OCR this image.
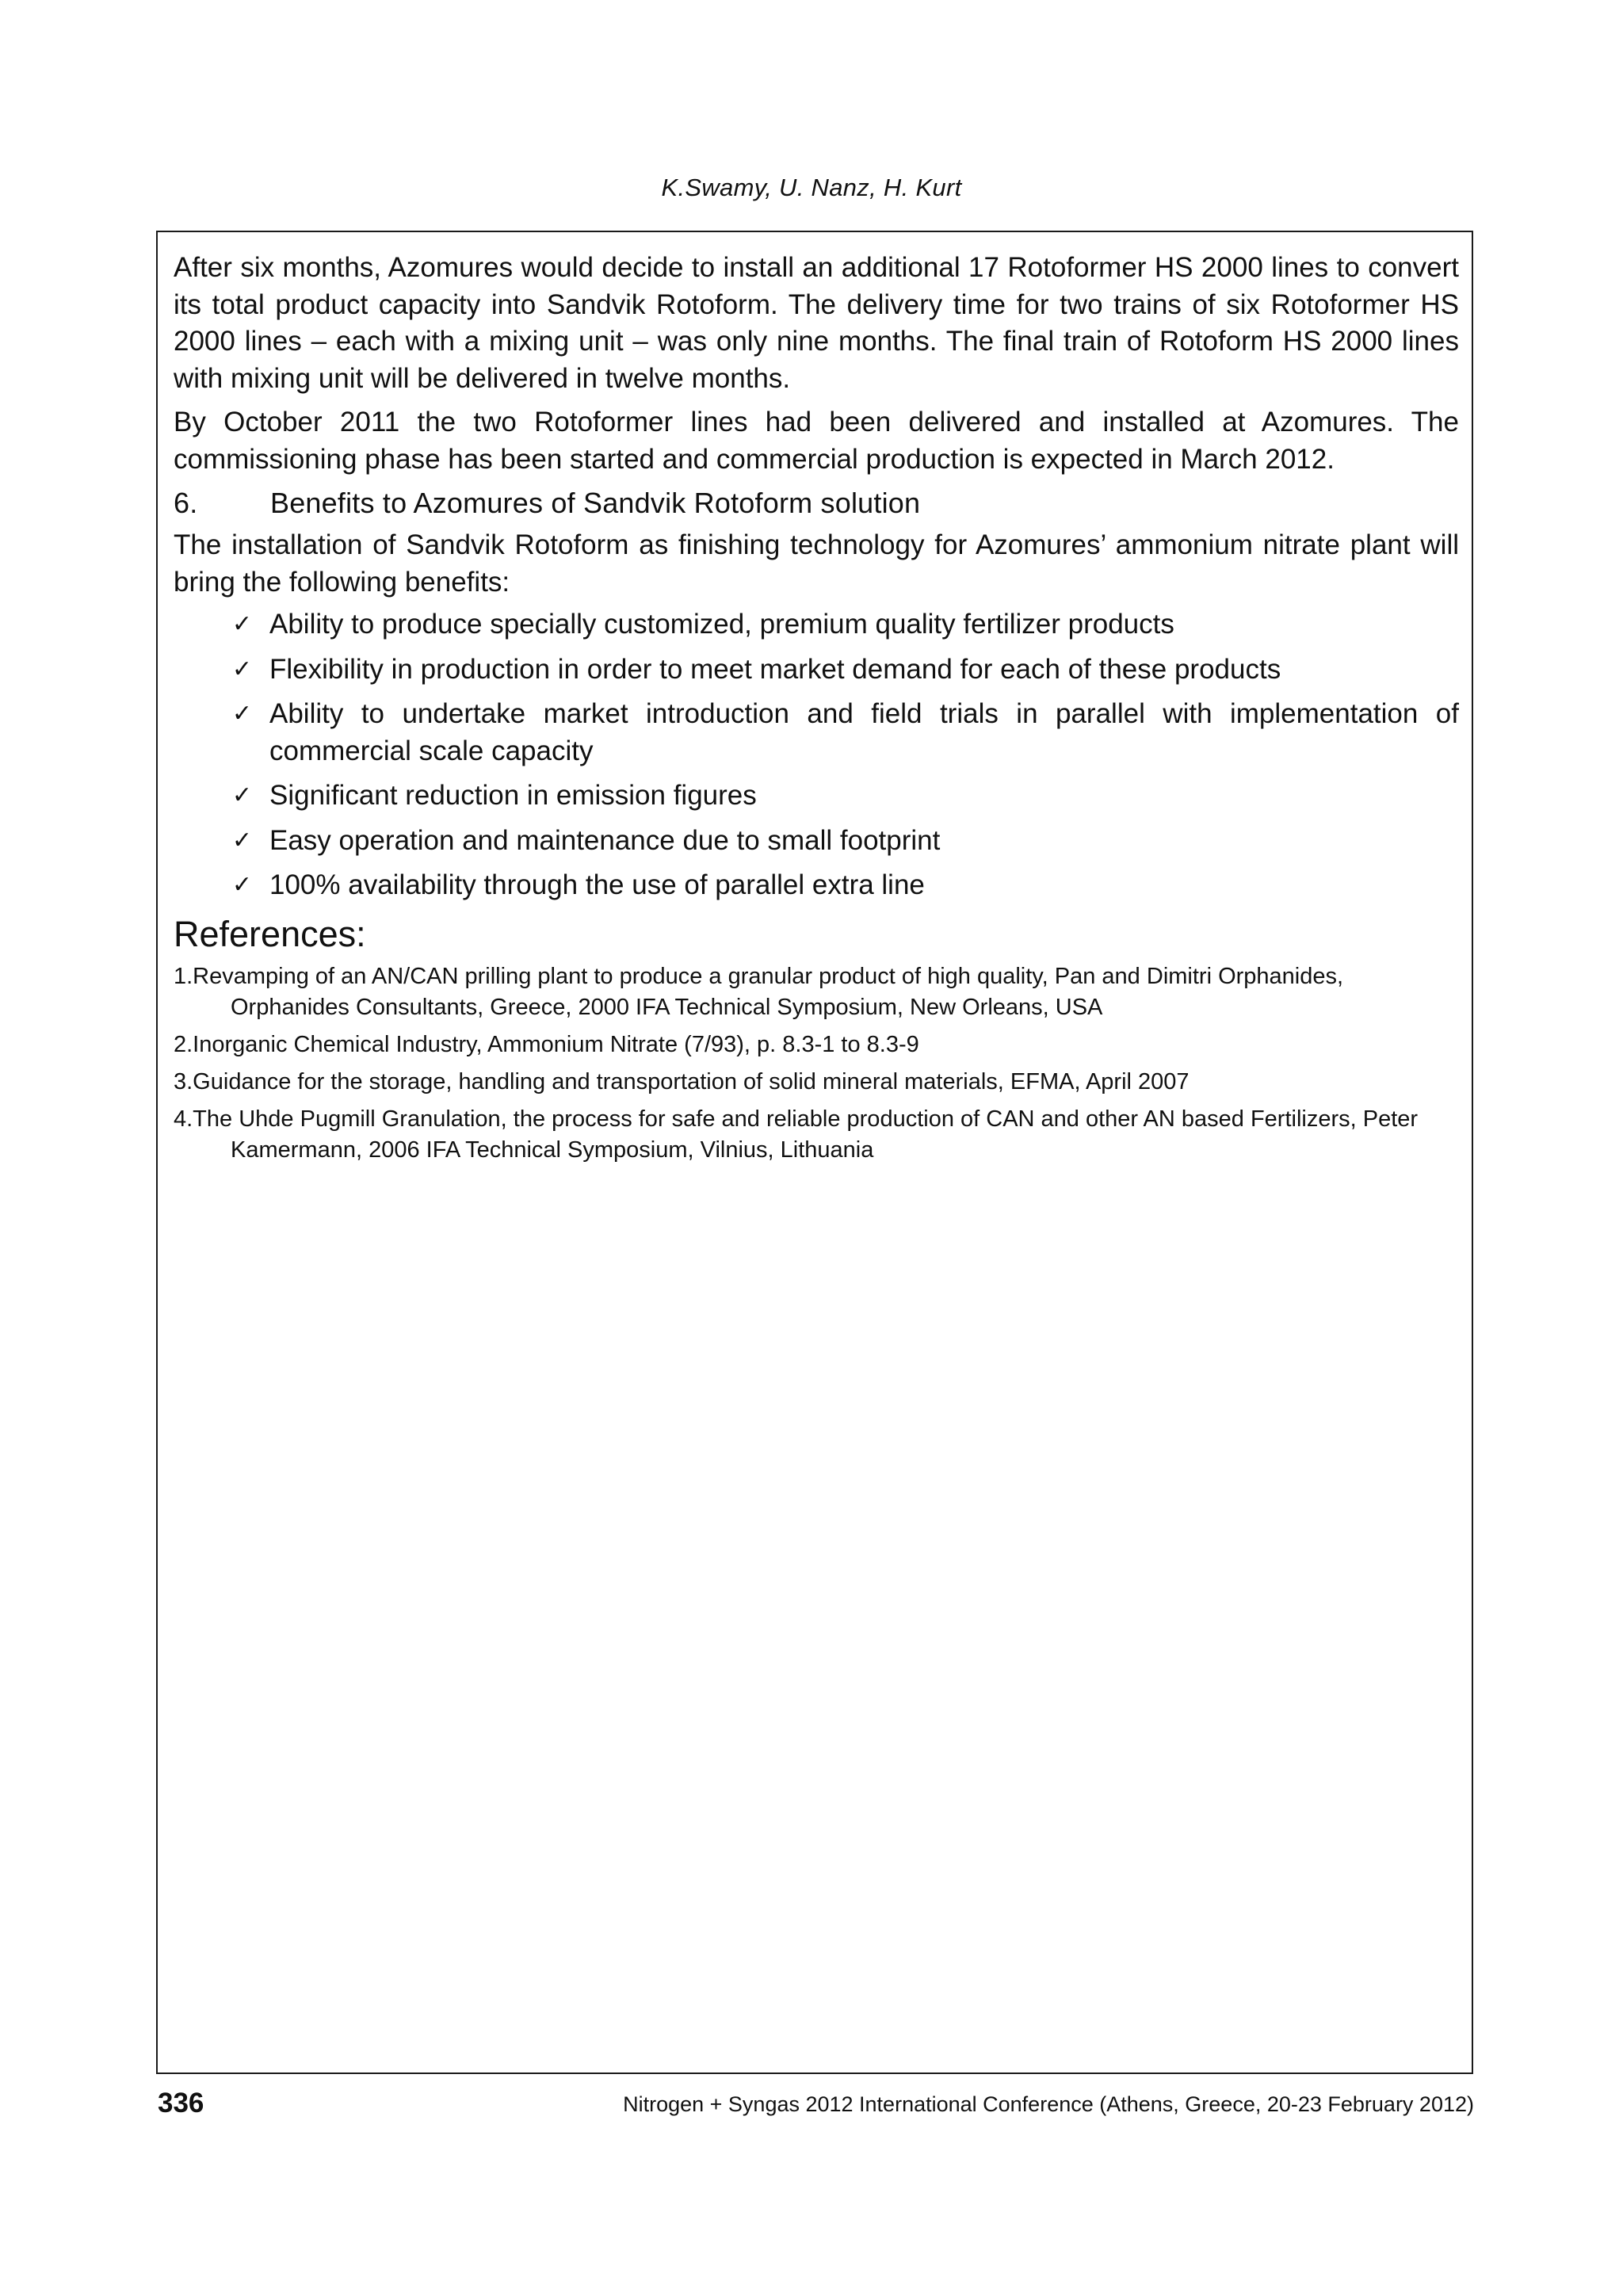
K.Swamy, U. Nanz, H. Kurt

After six months, Azomures would decide to install an additional 17 Rotoformer HS 2000 lines to convert its total product capacity into Sandvik Rotoform. The delivery time for two trains of six Rotoformer HS 2000 lines – each with a mixing unit – was only nine months. The final train of Rotoform HS 2000 lines with mixing unit will be delivered in twelve months.

By October 2011 the two Rotoformer lines had been delivered and installed at Azomures. The commissioning phase has been started and commercial production is expected in March 2012.

6.	Benefits to Azomures of Sandvik Rotoform solution

The installation of Sandvik Rotoform as finishing technology for Azomures’ ammonium nitrate plant will bring the following benefits:

✓ Ability to produce specially customized, premium quality fertilizer products
✓ Flexibility in production in order to meet market demand for each of these products
✓ Ability to undertake market introduction and field trials in parallel with implementation of commercial scale capacity
✓ Significant reduction in emission figures
✓ Easy operation and maintenance due to small footprint
✓ 100% availability through the use of parallel extra line
References:
1.Revamping of an AN/CAN prilling plant to produce a granular product of high quality, Pan and Dimitri Orphanides, Orphanides Consultants, Greece, 2000 IFA Technical Symposium, New Orleans, USA
2.Inorganic Chemical Industry, Ammonium Nitrate (7/93), p. 8.3-1 to 8.3-9
3.Guidance for the storage, handling and transportation of solid mineral materials, EFMA, April 2007
4.The Uhde Pugmill Granulation, the process for safe and reliable production of CAN and other AN based Fertilizers, Peter Kamermann, 2006 IFA Technical Symposium, Vilnius, Lithuania
336	Nitrogen + Syngas 2012 International Conference (Athens, Greece, 20-23 February 2012)
